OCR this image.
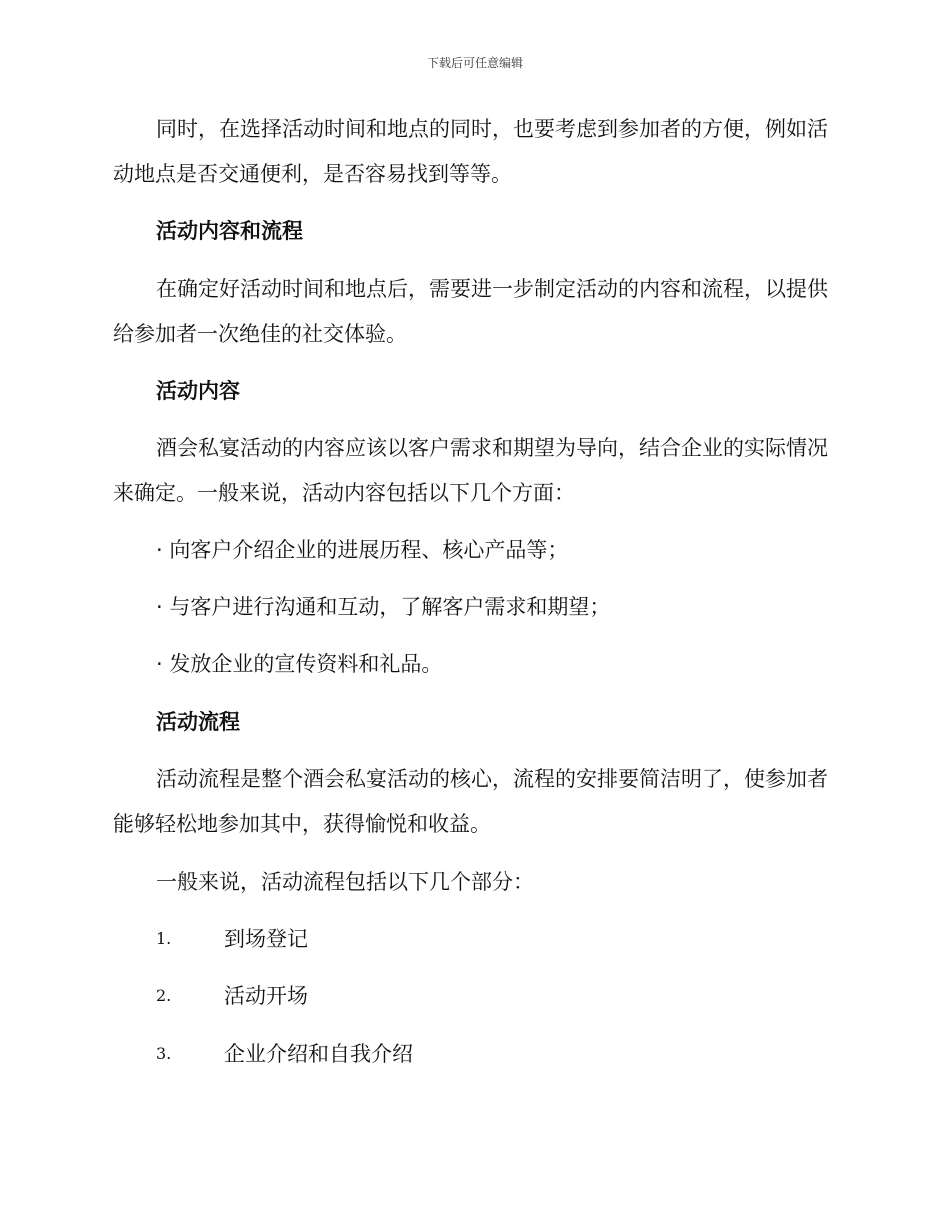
下载后可任意编辑

同时，在选择活动时间和地点的同时，也要考虑到参加者的方便，例如活动地点是否交通便利，是否容易找到等等。

活动内容和流程

在确定好活动时间和地点后，需要进一步制定活动的内容和流程，以提供给参加者一次绝佳的社交体验。

活动内容

酒会私宴活动的内容应该以客户需求和期望为导向，结合企业的实际情况来确定。一般来说，活动内容包括以下几个方面：

· 向客户介绍企业的进展历程、核心产品等；
· 与客户进行沟通和互动，了解客户需求和期望；
· 发放企业的宣传资料和礼品。
活动流程

活动流程是整个酒会私宴活动的核心，流程的安排要简洁明了，使参加者能够轻松地参加其中，获得愉悦和收益。

一般来说，活动流程包括以下几个部分：

1.	到场登记
2.	活动开场
3.	企业介绍和自我介绍
